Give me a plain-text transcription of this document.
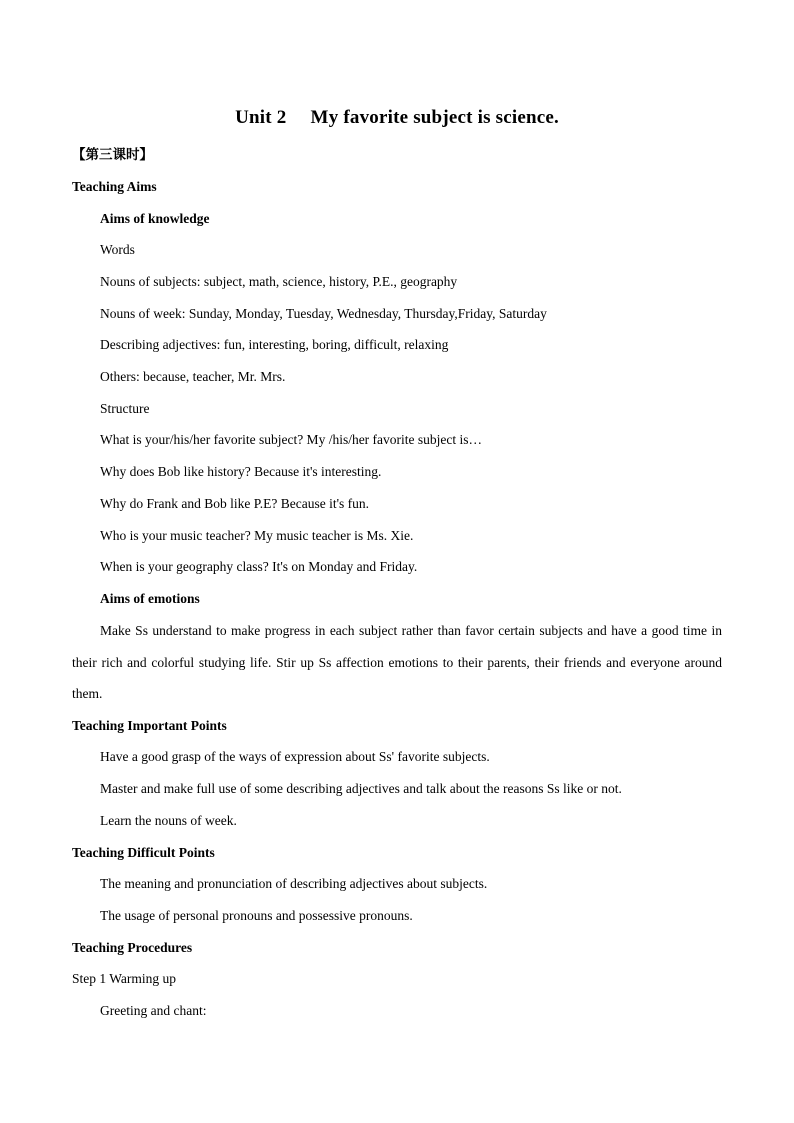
Unit 2　 My favorite subject is science.
【第三课时】
Teaching Aims
Aims of knowledge
Words
Nouns of subjects: subject, math, science, history, P.E., geography
Nouns of week: Sunday, Monday, Tuesday, Wednesday, Thursday,Friday, Saturday
Describing adjectives: fun, interesting, boring, difficult, relaxing
Others: because, teacher, Mr. Mrs.
Structure
What is your/his/her favorite subject? My /his/her favorite subject is…
Why does Bob like history? Because it's interesting.
Why do Frank and Bob like P.E? Because it's fun.
Who is your music teacher? My music teacher is Ms. Xie.
When is your geography class? It's on Monday and Friday.
Aims of emotions
Make Ss understand to make progress in each subject rather than favor certain subjects and have a good time in their rich and colorful studying life. Stir up Ss affection emotions to their parents, their friends and everyone around them.
Teaching Important Points
Have a good grasp of the ways of expression about Ss' favorite subjects.
Master and make full use of some describing adjectives and talk about the reasons Ss like or not.
Learn the nouns of week.
Teaching Difficult Points
The meaning and pronunciation of describing adjectives about subjects.
The usage of personal pronouns and possessive pronouns.
Teaching Procedures
Step 1 Warming up
Greeting and chant:
